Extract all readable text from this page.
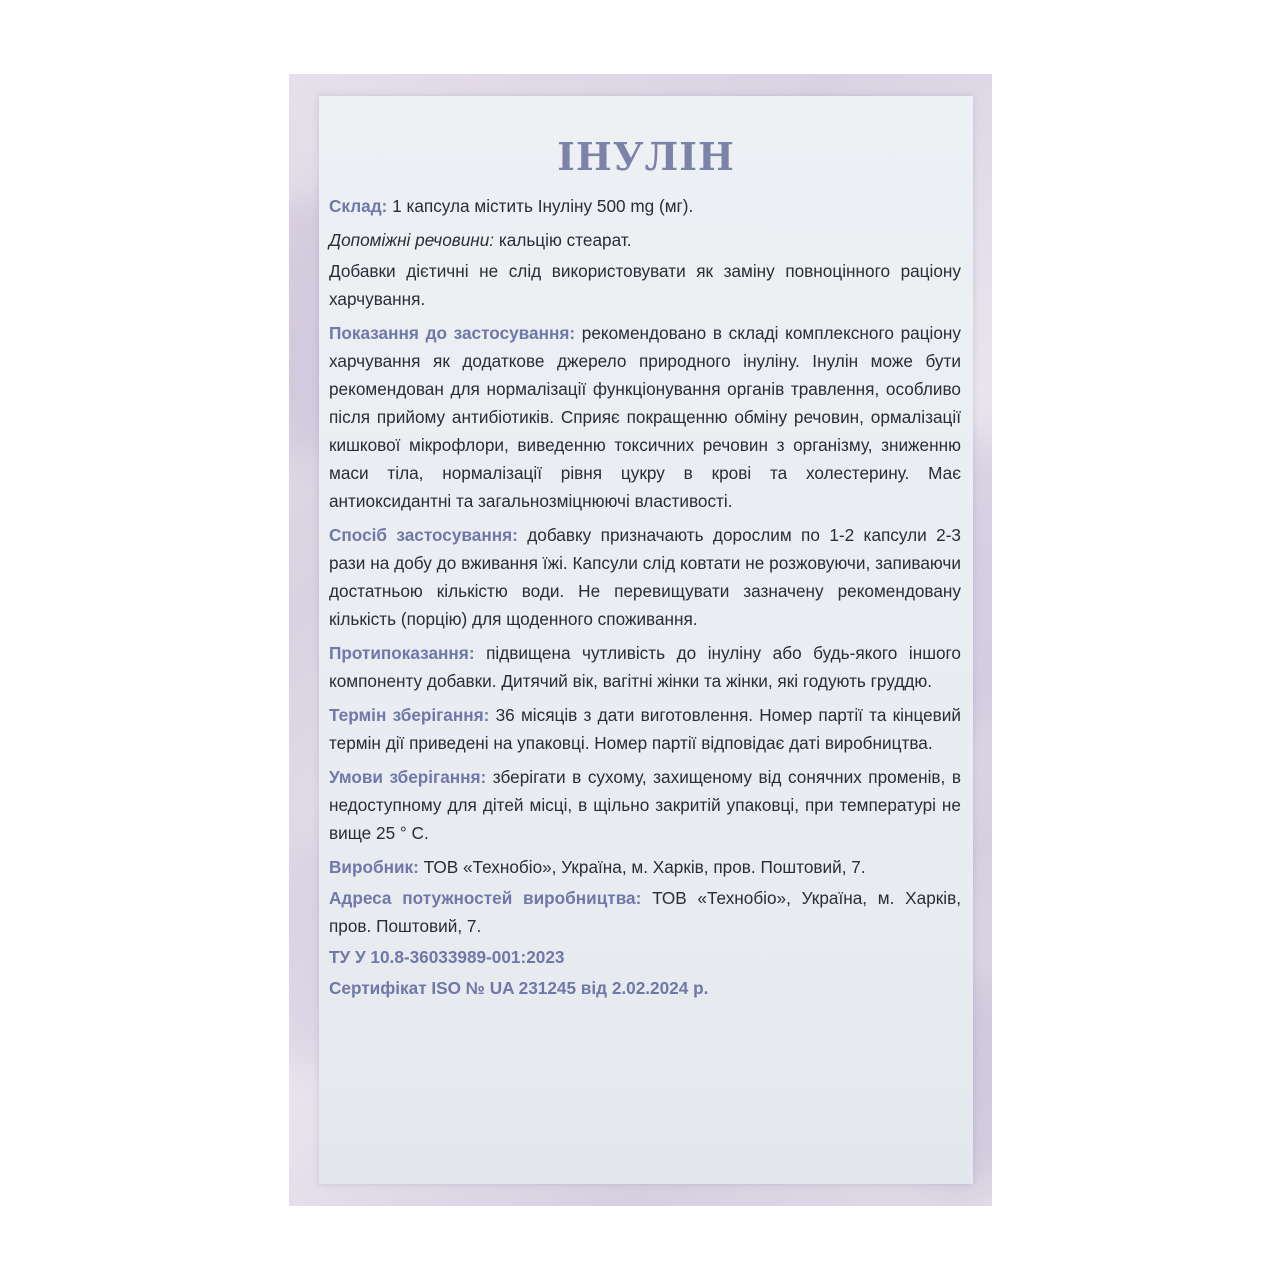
ІНУЛІН

Склад: 1 капсула містить Інуліну 500 mg (мг).

Допоміжні речовини: кальцію стеарат.

Добавки дієтичні не слід використовувати як заміну повноцінного раціону харчування.

Показання до застосування: рекомендовано в складі комплексного раціону харчування як додаткове джерело природного інуліну. Інулін може бути рекомендован для нормалізації функціонування органів травлення, особливо після прийому антибіотиків. Сприяє покращенню обміну речовин, ормалізації кишкової мікрофлори, виведенню токсичних речовин з організму, зниженню маси тіла, нормалізації рівня цукру в крові та холестерину. Має антиоксидантні та загальнозміцнюючі властивості.

Спосіб застосування: добавку призначають дорослим по 1-2 капсули 2-3 рази на добу до вживання їжі. Капсули слід ковтати не розжовуючи, запиваючи достатньою кількістю води. Не перевищувати зазначену рекомендовану кількість (порцію) для щоденного споживання.

Протипоказання: підвищена чутливість до інуліну або будь-якого іншого компоненту добавки. Дитячий вік, вагітні жінки та жінки, які годують груддю.

Термін зберігання: 36 місяців з дати виготовлення. Номер партії та кінцевий термін дії приведені на упаковці. Номер партії відповідає даті виробництва.

Умови зберігання: зберігати в сухому, захищеному від сонячних променів, в недоступному для дітей місці, в щільно закритій упаковці, при температурі не вище 25 ° С.

Виробник: ТОВ «Технобіо», Україна, м. Харків, пров. Поштовий, 7.

Адреса потужностей виробництва: ТОВ «Технобіо», Україна, м. Харків, пров. Поштовий, 7.

ТУ У 10.8-36033989-001:2023

Сертифікат ISO № UA 231245 від 2.02.2024 р.
